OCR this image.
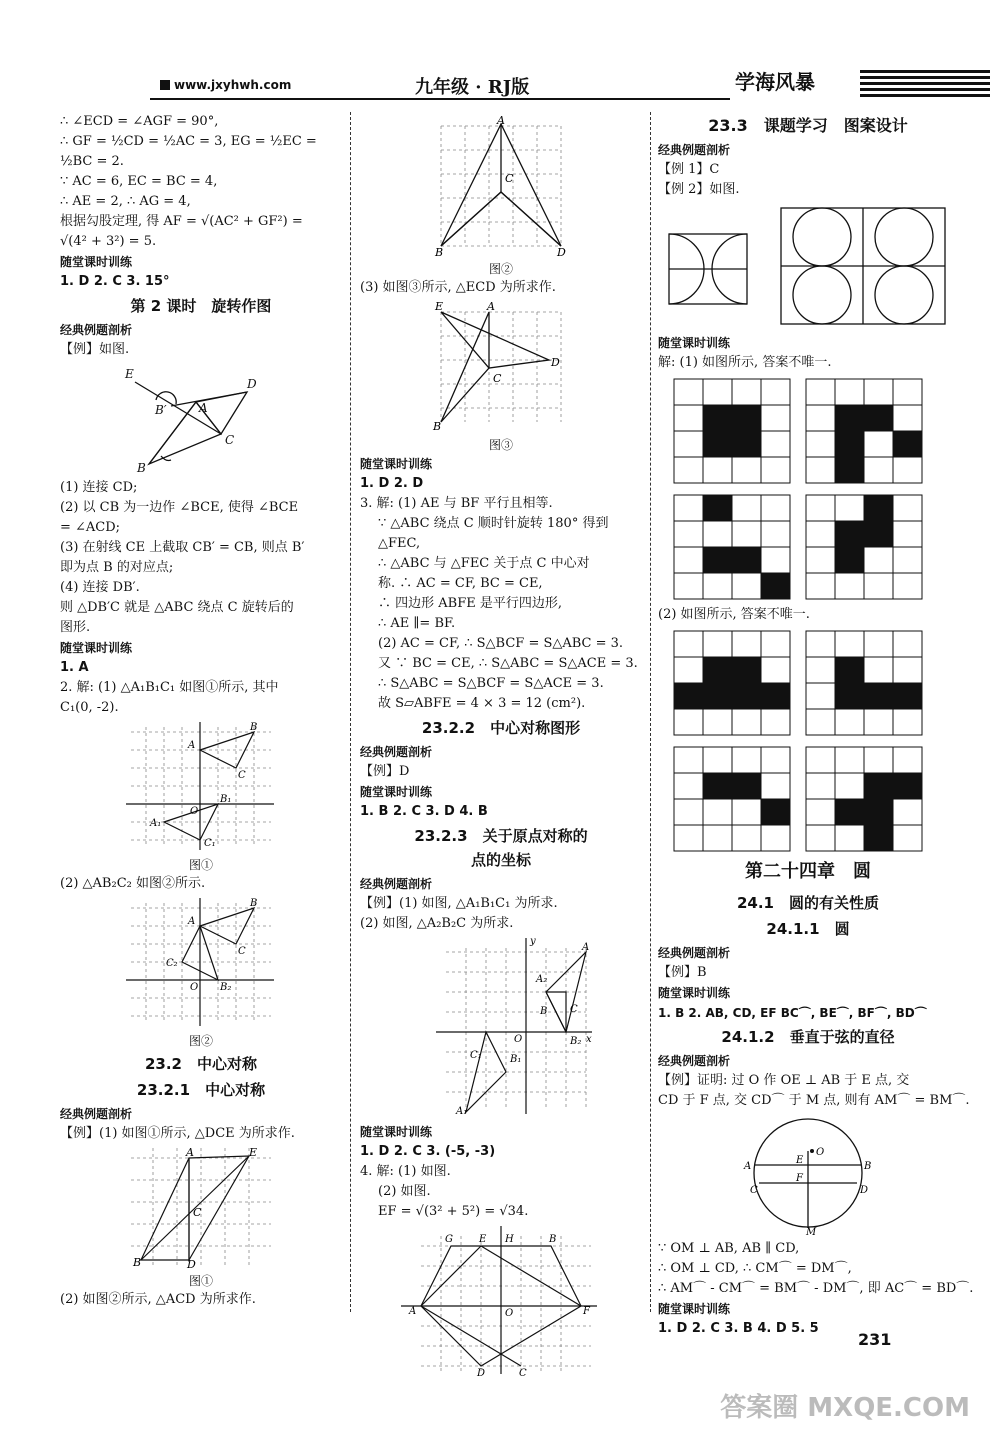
www.jxyhwh.com	九年级 · RJ版	学海风暴

∴ ∠ECD = ∠AGF = 90°,

∴ GF = ½CD = ½AC = 3, EG = ½EC =

½BC = 2.

∵ AC = 6, EC = BC = 4,

∴ AE = 2, ∴ AG = 4,

根据勾股定理, 得 AF = √(AC² + GF²) =

√(4² + 3²) = 5.

随堂课时训练

1. D 2. C 3. 15°

第 2 课时　旋转作图

经典例题剖析

【例】如图.

E
D
B′	A
C
B

(1) 连接 CD;

(2) 以 CB 为一边作 ∠BCE, 使得 ∠BCE

= ∠ACD;

(3) 在射线 CE 上截取 CB′ = CB, 则点 B′

即为点 B 的对应点;

(4) 连接 DB′.

则 △DB′C 就是 △ABC 绕点 C 旋转后的

图形.

随堂课时训练

1. A

2. 解: (1) △A₁B₁C₁ 如图①所示, 其中

C₁(0, -2).

A
B
C
O
B₁
A₁
C₁

图①

(2) △AB₂C₂ 如图②所示.

A
B
C
O B₂
C₂

图②

23.2　中心对称
23.2.1　中心对称

经典例题剖析

【例】(1) 如图①所示, △DCE 为所求作.

A	E
C
B	D

图①

(2) 如图②所示, △ACD 为所求作.

A
C
B	D

图②

(3) 如图③所示, △ECD 为所求作.

E	A
C
D
B

图③

随堂课时训练

1. D 2. D

3. 解: (1) AE 与 BF 平行且相等.

∵ △ABC 绕点 C 顺时针旋转 180° 得到

△FEC,

∴ △ABC 与 △FEC 关于点 C 中心对

称. ∴ AC = CF, BC = CE,

∴ 四边形 ABFE 是平行四边形,

∴ AE ∥= BF.

(2) AC = CF, ∴ S△BCF = S△ABC = 3.

又 ∵ BC = CE, ∴ S△ABC = S△ACE = 3.

∴ S△ABC = S△BCF = S△ACE = 3.

故 S▱ABFE = 4 × 3 = 12 (cm²).

23.2.2　中心对称图形

经典例题剖析

【例】D

随堂课时训练

1. B 2. C 3. D 4. B

23.2.3　关于原点对称的
点的坐标

经典例题剖析

【例】(1) 如图, △A₁B₁C₁ 为所求.

(2) 如图, △A₂B₂C 为所求.

y
x
O
A
A₂
B C
B₂
C₁	B₁
A₁

随堂课时训练

1. D 2. C 3. (-5, -3)

4. 解: (1) 如图.

(2) 如图.

EF = √(3² + 5²) = √34.

G	E H	B
A	F
O
D	C
23.3　课题学习　图案设计

经典例题剖析

【例 1】C

【例 2】如图.

随堂课时训练

解: (1) 如图所示, 答案不唯一.

(2) 如图所示, 答案不唯一.

第二十四章　圆
24.1　圆的有关性质
24.1.1　圆

经典例题剖析

【例】B

随堂课时训练

1. B 2. AB, CD, EF BC⌒, BE⌒, BF⌒, BD⌒

24.1.2　垂直于弦的直径

经典例题剖析

【例】证明: 过 O 作 OE ⊥ AB 于 E 点, 交

CD 于 F 点, 交 CD⌒ 于 M 点, 则有 AM⌒ = BM⌒.

O
E
F
A	B
C	D
M

∵ OM ⊥ AB, AB ∥ CD,

∴ OM ⊥ CD, ∴ CM⌒ = DM⌒,

∴ AM⌒ - CM⌒ = BM⌒ - DM⌒, 即 AC⌒ = BD⌒.

随堂课时训练

1. D 2. C 3. B 4. D 5. 5

231
答案圈 MXQE.COM
